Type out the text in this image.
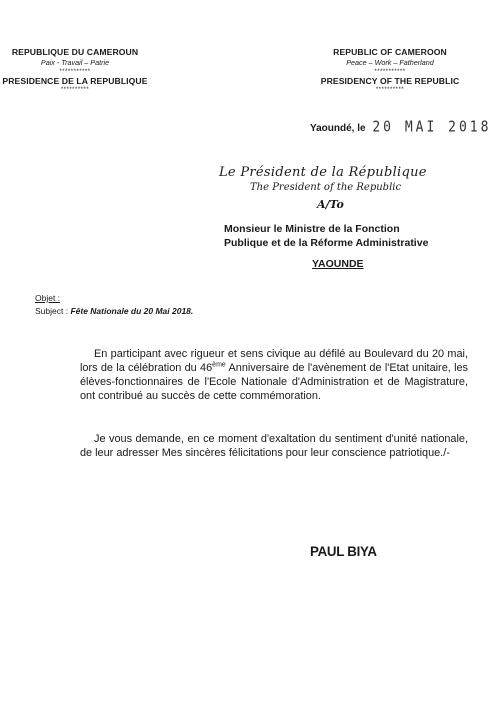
REPUBLIQUE DU CAMEROUN
Paix - Travail – Patrie
***********
PRESIDENCE DE LA REPUBLIQUE
**********
REPUBLIC OF CAMEROON
Peace – Work – Fatherland
***********
PRESIDENCY OF THE REPUBLIC
**********
Yaoundé, le 20 MAI 2018
Le Président de la République
The President of the Republic
A/To
Monsieur le Ministre de la Fonction
Publique et de la Réforme Administrative
YAOUNDE
Objet :
Subject : Fête Nationale du 20 Mai 2018.
En participant avec rigueur et sens civique au défilé au Boulevard du 20 mai, lors de la célébration du 46ème Anniversaire de l'avènement de l'Etat unitaire, les élèves-fonctionnaires de l'Ecole Nationale d'Administration et de Magistrature, ont contribué au succès de cette commémoration.
Je vous demande, en ce moment d'exaltation du sentiment d'unité nationale, de leur adresser Mes sincères félicitations pour leur conscience patriotique./-
PAUL BIYA
